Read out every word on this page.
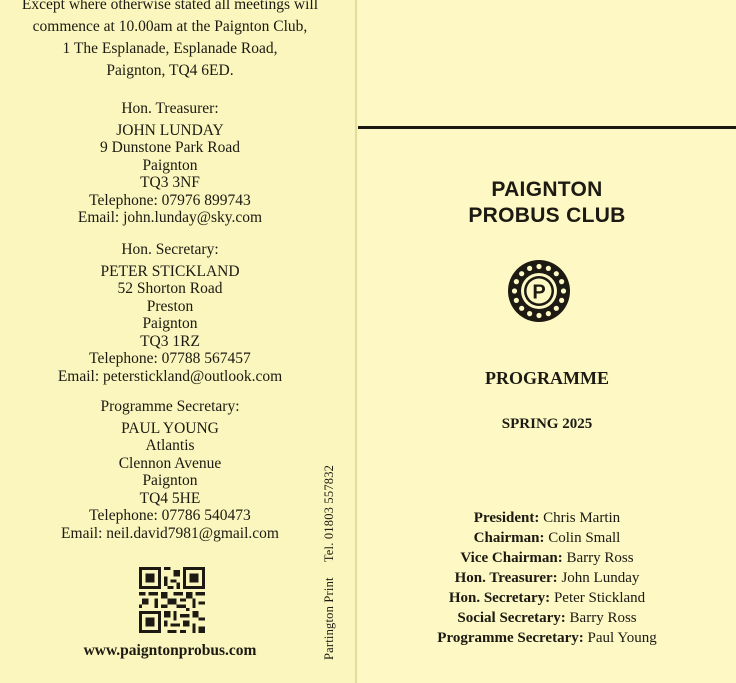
Except where otherwise stated all meetings will
commence at 10.00am at the Paignton Club,
1 The Esplanade, Esplanade Road,
Paignton, TQ4 6ED.
Hon. Treasurer:
JOHN LUNDAY
9 Dunstone Park Road
Paignton
TQ3 3NF
Telephone: 07976 899743
Email: john.lunday@sky.com
Hon. Secretary:
PETER STICKLAND
52 Shorton Road
Preston
Paignton
TQ3 1RZ
Telephone: 07788 567457
Email: peterstickland@outlook.com
Programme Secretary:
PAUL YOUNG
Atlantis
Clennon Avenue
Paignton
TQ4 5HE
Telephone: 07786 540473
Email: neil.david7981@gmail.com
www.paigntonprobus.com	Partington Print Tel. 01803 557832
PAIGNTON
PROBUS CLUB
P
PROGRAMME
SPRING 2025
President: Chris Martin
Chairman: Colin Small
Vice Chairman: Barry Ross
Hon. Treasurer: John Lunday
Hon. Secretary: Peter Stickland
Social Secretary: Barry Ross
Programme Secretary: Paul Young
